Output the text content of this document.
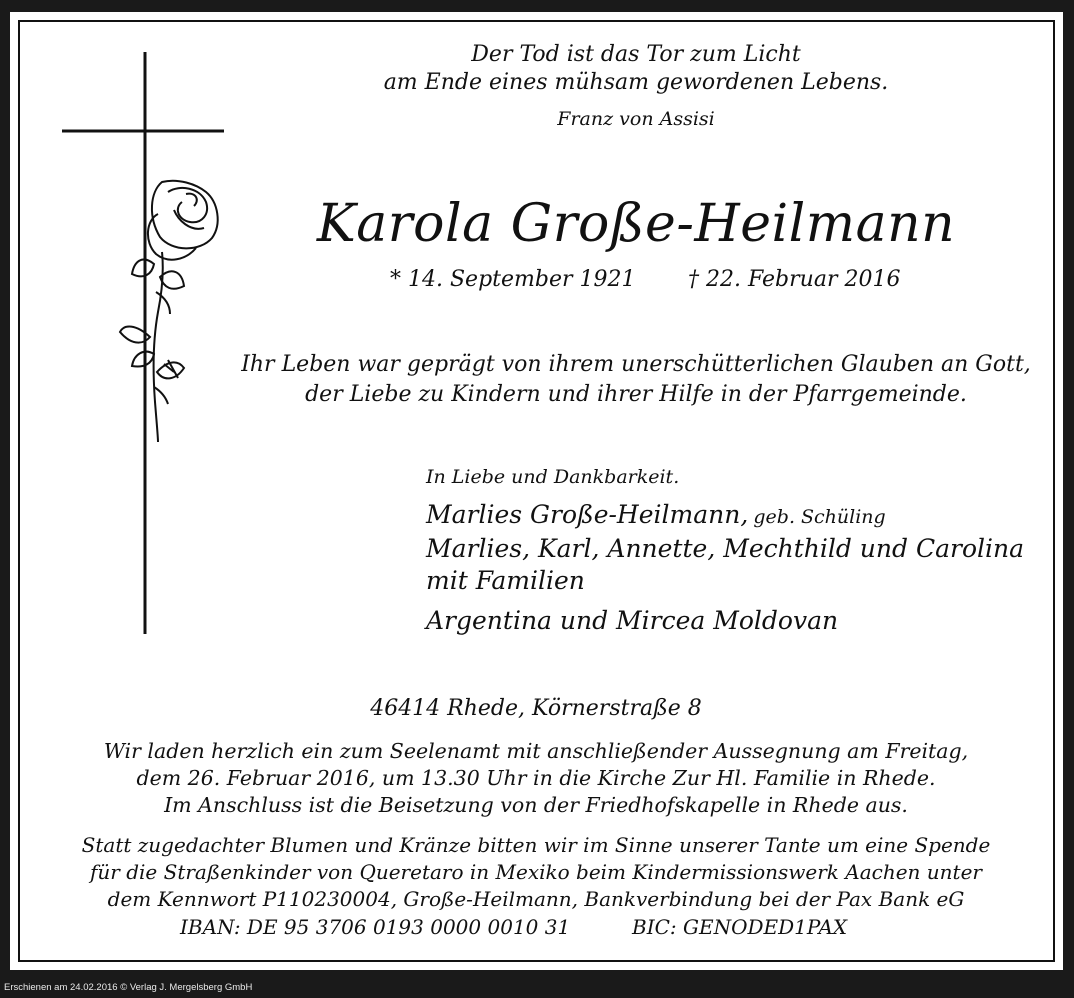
Der Tod ist das Tor zum Licht
am Ende eines mühsam gewordenen Lebens.
Franz von Assisi
Karola Große-Heilmann
* 14. September 1921 † 22. Februar 2016
Ihr Leben war geprägt von ihrem unerschütterlichen Glauben an Gott,
der Liebe zu Kindern und ihrer Hilfe in der Pfarrgemeinde.
In Liebe und Dankbarkeit.
Marlies Große-Heilmann, geb. Schüling
Marlies, Karl, Annette, Mechthild und Carolina
mit Familien
Argentina und Mircea Moldovan
46414 Rhede, Körnerstraße 8
Wir laden herzlich ein zum Seelenamt mit anschließender Aussegnung am Freitag,
dem 26. Februar 2016, um 13.30 Uhr in die Kirche Zur Hl. Familie in Rhede.
Im Anschluss ist die Beisetzung von der Friedhofskapelle in Rhede aus.
Statt zugedachter Blumen und Kränze bitten wir im Sinne unserer Tante um eine Spende
für die Straßenkinder von Queretaro in Mexiko beim Kindermissionswerk Aachen unter
dem Kennwort P110230004, Große-Heilmann, Bankverbindung bei der Pax Bank eG
IBAN: DE 95 3706 0193 0000 0010 31	BIC: GENODED1PAX
Erschienen am 24.02.2016 © Verlag J. Mergelsberg GmbH
